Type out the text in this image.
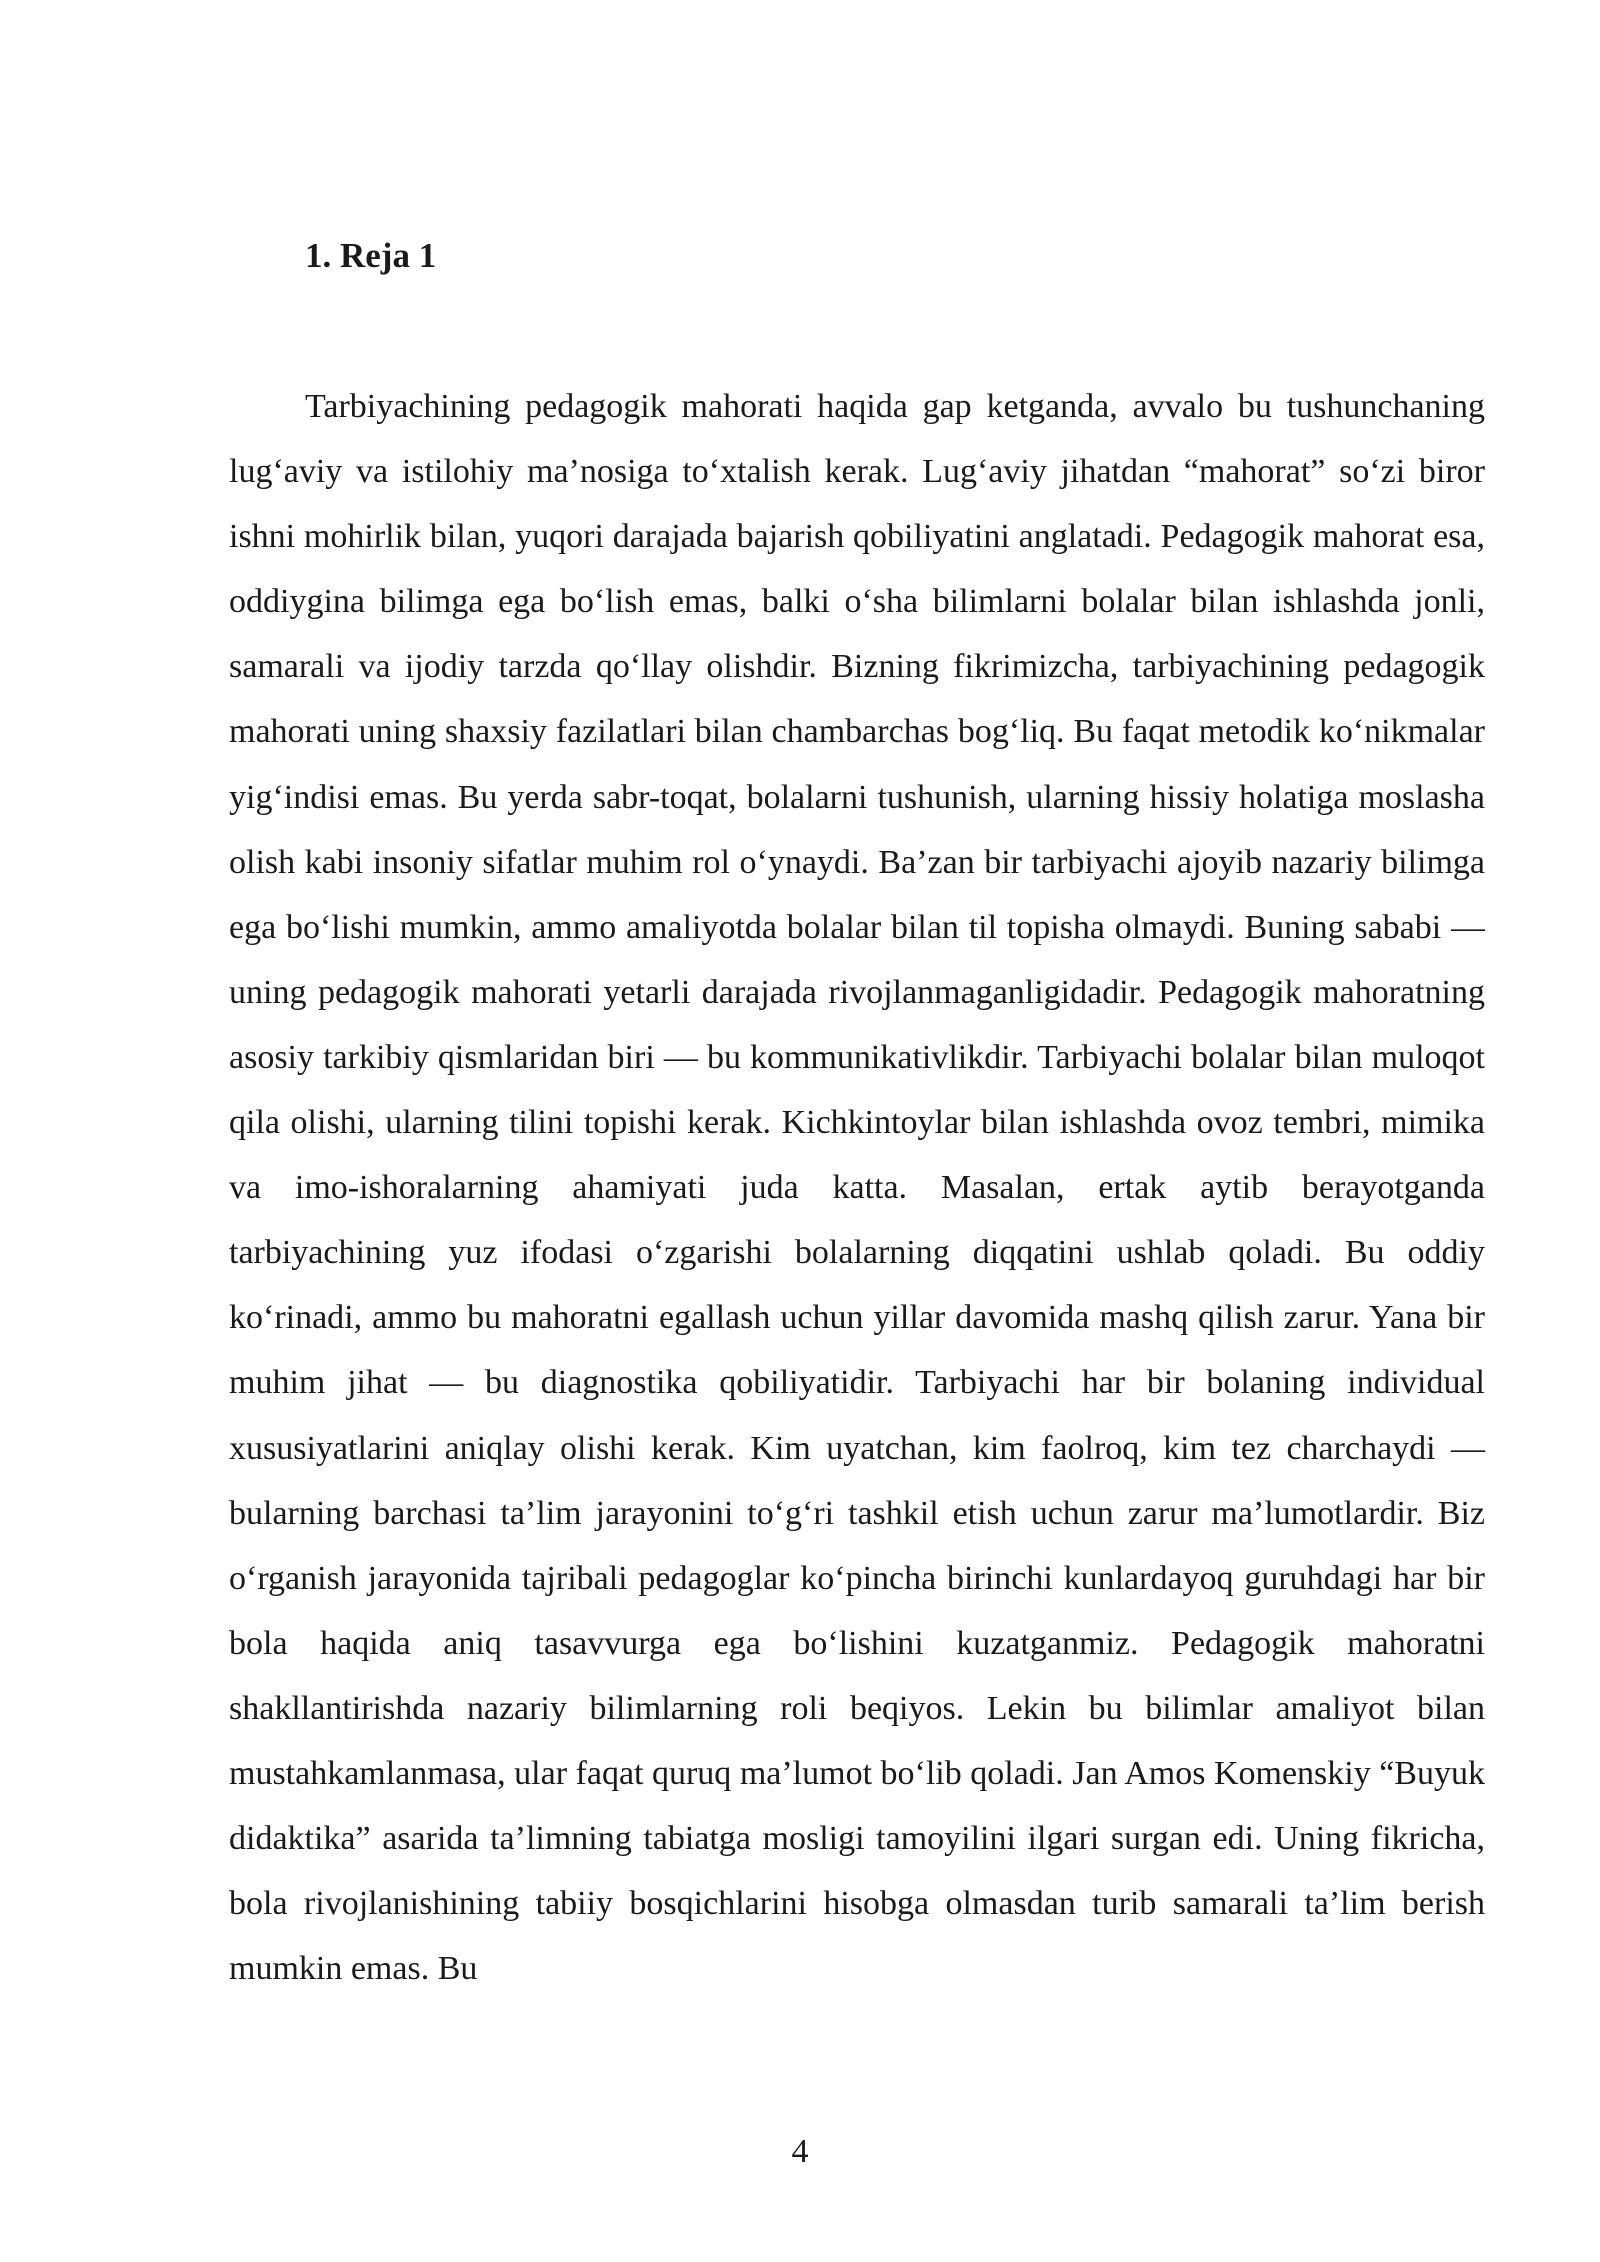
1. Reja 1

Tarbiyachining pedagogik mahorati haqida gap ketganda, avvalo bu tushunchaning lug‘aviy va istilohiy ma’nosiga to‘xtalish kerak. Lug‘aviy jihatdan “mahorat” so‘zi biror ishni mohirlik bilan, yuqori darajada bajarish qobiliyatini anglatadi. Pedagogik mahorat esa, oddiygina bilimga ega bo‘lish emas, balki o‘sha bilimlarni bolalar bilan ishlashda jonli, samarali va ijodiy tarzda qo‘llay olishdir. Bizning fikrimizcha, tarbiyachining pedagogik mahorati uning shaxsiy fazilatlari bilan chambarchas bog‘liq. Bu faqat metodik ko‘nikmalar yig‘indisi emas. Bu yerda sabr-toqat, bolalarni tushunish, ularning hissiy holatiga moslasha olish kabi insoniy sifatlar muhim rol o‘ynaydi. Ba’zan bir tarbiyachi ajoyib nazariy bilimga ega bo‘lishi mumkin, ammo amaliyotda bolalar bilan til topisha olmaydi. Buning sababi — uning pedagogik mahorati yetarli darajada rivojlanmaganligidadir. Pedagogik mahoratning asosiy tarkibiy qismlaridan biri — bu kommunikativlikdir. Tarbiyachi bolalar bilan muloqot qila olishi, ularning tilini topishi kerak. Kichkintoylar bilan ishlashda ovoz tembri, mimika va imo-ishoralarning ahamiyati juda katta. Masalan, ertak aytib berayotganda tarbiyachining yuz ifodasi o‘zgarishi bolalarning diqqatini ushlab qoladi. Bu oddiy ko‘rinadi, ammo bu mahoratni egallash uchun yillar davomida mashq qilish zarur. Yana bir muhim jihat — bu diagnostika qobiliyatidir. Tarbiyachi har bir bolaning individual xususiyatlarini aniqlay olishi kerak. Kim uyatchan, kim faolroq, kim tez charchaydi — bularning barchasi ta’lim jarayonini to‘g‘ri tashkil etish uchun zarur ma’lumotlardir. Biz o‘rganish jarayonida tajribali pedagoglar ko‘pincha birinchi kunlardayoq guruhdagi har bir bola haqida aniq tasavvurga ega bo‘lishini kuzatganmiz. Pedagogik mahoratni shakllantirishda nazariy bilimlarning roli beqiyos. Lekin bu bilimlar amaliyot bilan mustahkamlanmasa, ular faqat quruq ma’lumot bo‘lib qoladi. Jan Amos Komenskiy “Buyuk didaktika” asarida ta’limning tabiatga mosligi tamoyilini ilgari surgan edi. Uning fikricha, bola rivojlanishining tabiiy bosqichlarini hisobga olmasdan turib samarali ta’lim berish mumkin emas. Bu

4
